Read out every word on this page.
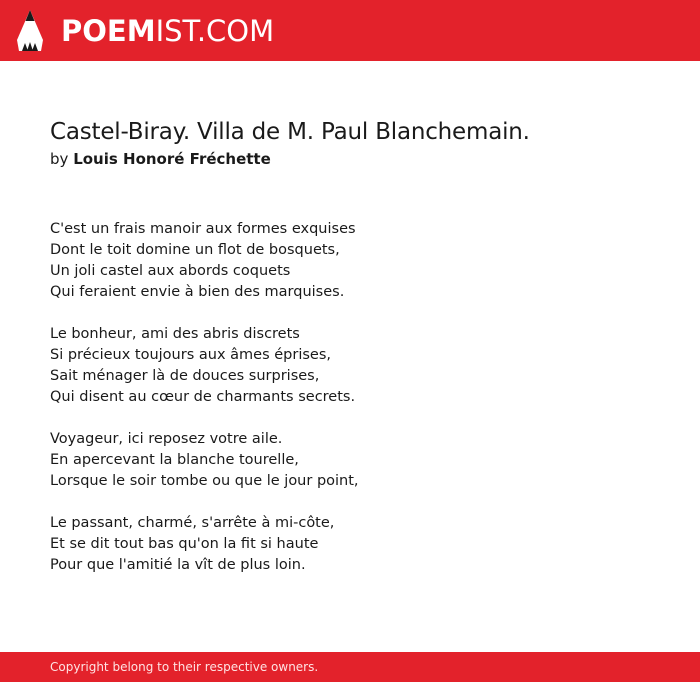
POEMIST.COM
Castel-Biray. Villa de M. Paul Blanchemain.
by Louis Honoré Fréchette
C'est un frais manoir aux formes exquises
Dont le toit domine un flot de bosquets,
Un joli castel aux abords coquets
Qui feraient envie à bien des marquises.
Le bonheur, ami des abris discrets
Si précieux toujours aux âmes éprises,
Sait ménager là de douces surprises,
Qui disent au cœur de charmants secrets.
Voyageur, ici reposez votre aile.
En apercevant la blanche tourelle,
Lorsque le soir tombe ou que le jour point,
Le passant, charmé, s'arrête à mi-côte,
Et se dit tout bas qu'on la fit si haute
Pour que l'amitié la vît de plus loin.
Copyright belong to their respective owners.
